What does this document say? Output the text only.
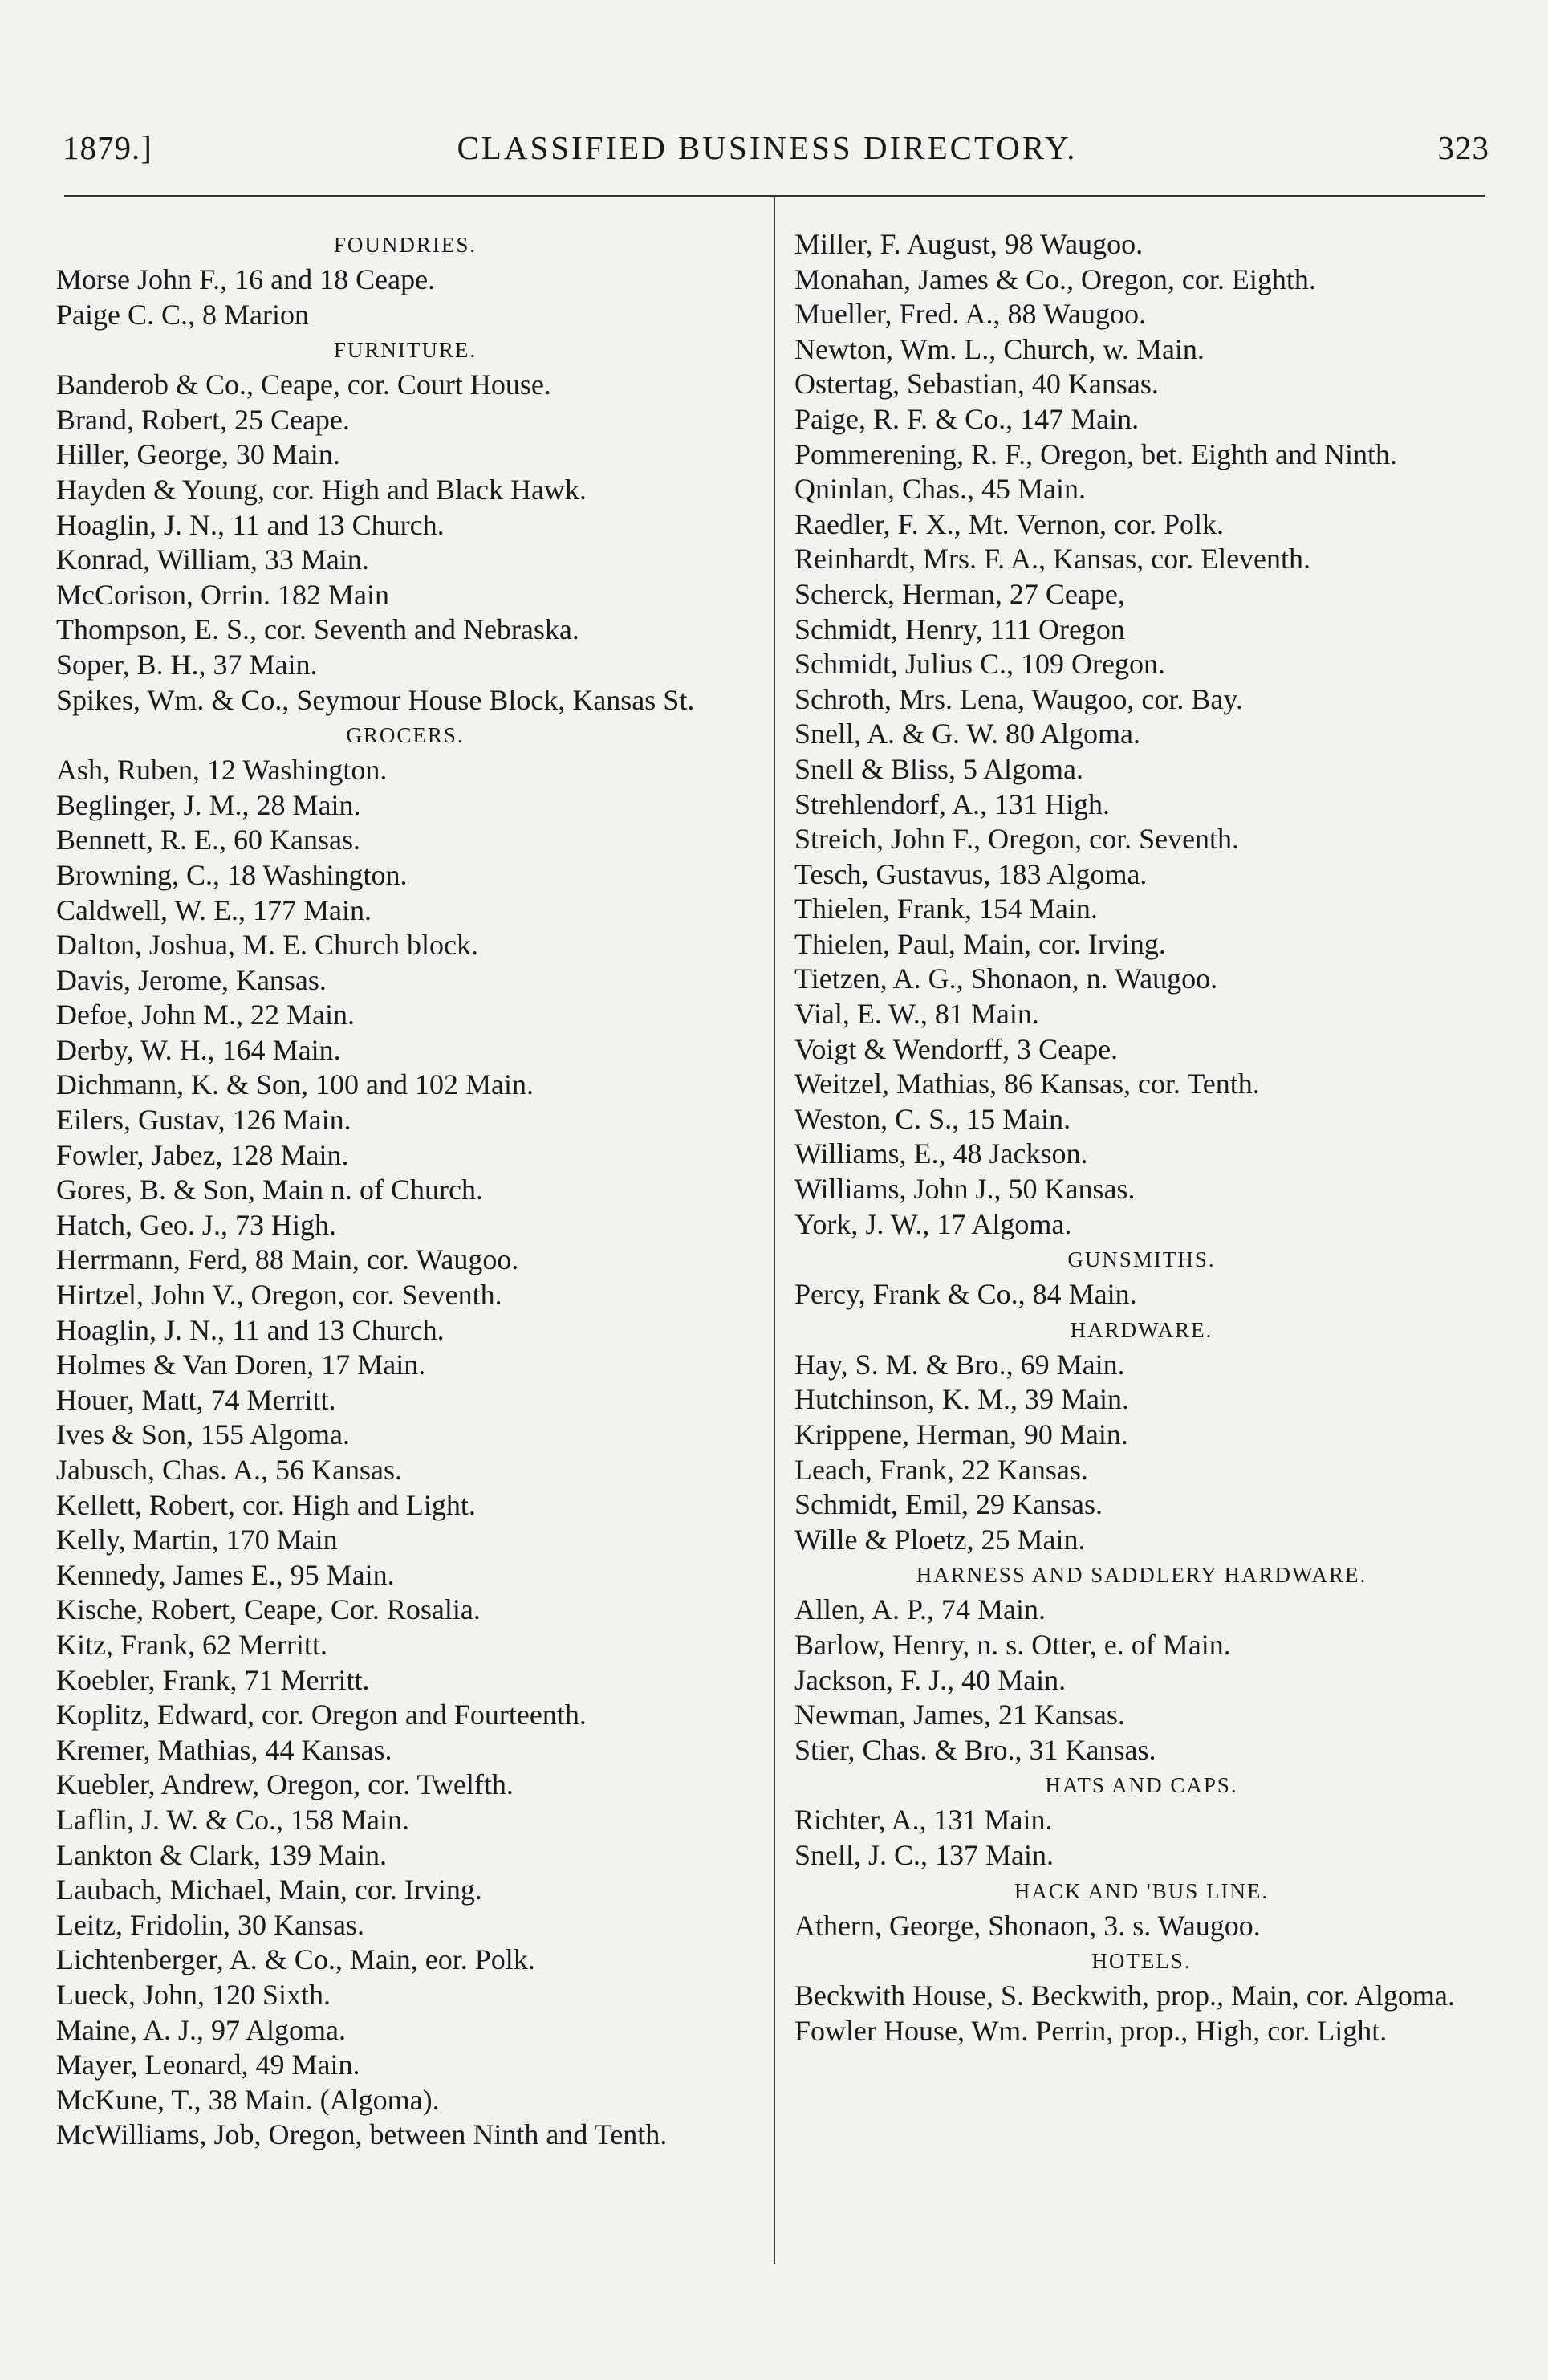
1879.]	CLASSIFIED BUSINESS DIRECTORY.	323
FOUNDRIES.
Morse John F., 16 and 18 Ceape.
Paige C. C., 8 Marion
FURNITURE.
Banderob & Co., Ceape, cor. Court House.
Brand, Robert, 25 Ceape.
Hiller, George, 30 Main.
Hayden & Young, cor. High and Black Hawk.
Hoaglin, J. N., 11 and 13 Church.
Konrad, William, 33 Main.
McCorison, Orrin. 182 Main
Thompson, E. S., cor. Seventh and Nebraska.
Soper, B. H., 37 Main.
Spikes, Wm. & Co., Seymour House Block, Kansas St.
GROCERS.
Ash, Ruben, 12 Washington.
Beglinger, J. M., 28 Main.
Bennett, R. E., 60 Kansas.
Browning, C., 18 Washington.
Caldwell, W. E., 177 Main.
Dalton, Joshua, M. E. Church block.
Davis, Jerome, Kansas.
Defoe, John M., 22 Main.
Derby, W. H., 164 Main.
Dichmann, K. & Son, 100 and 102 Main.
Eilers, Gustav, 126 Main.
Fowler, Jabez, 128 Main.
Gores, B. & Son, Main n. of Church.
Hatch, Geo. J., 73 High.
Herrmann, Ferd, 88 Main, cor. Waugoo.
Hirtzel, John V., Oregon, cor. Seventh.
Hoaglin, J. N., 11 and 13 Church.
Holmes & Van Doren, 17 Main.
Houer, Matt, 74 Merritt.
Ives & Son, 155 Algoma.
Jabusch, Chas. A., 56 Kansas.
Kellett, Robert, cor. High and Light.
Kelly, Martin, 170 Main
Kennedy, James E., 95 Main.
Kische, Robert, Ceape, Cor. Rosalia.
Kitz, Frank, 62 Merritt.
Koebler, Frank, 71 Merritt.
Koplitz, Edward, cor. Oregon and Fourteenth.
Kremer, Mathias, 44 Kansas.
Kuebler, Andrew, Oregon, cor. Twelfth.
Laflin, J. W. & Co., 158 Main.
Lankton & Clark, 139 Main.
Laubach, Michael, Main, cor. Irving.
Leitz, Fridolin, 30 Kansas.
Lichtenberger, A. & Co., Main, eor. Polk.
Lueck, John, 120 Sixth.
Maine, A. J., 97 Algoma.
Mayer, Leonard, 49 Main.
McKune, T., 38 Main. (Algoma).
McWilliams, Job, Oregon, between Ninth and Tenth.
Miller, F. August, 98 Waugoo.
Monahan, James & Co., Oregon, cor. Eighth.
Mueller, Fred. A., 88 Waugoo.
Newton, Wm. L., Church, w. Main.
Ostertag, Sebastian, 40 Kansas.
Paige, R. F. & Co., 147 Main.
Pommerening, R. F., Oregon, bet. Eighth and Ninth.
Qninlan, Chas., 45 Main.
Raedler, F. X., Mt. Vernon, cor. Polk.
Reinhardt, Mrs. F. A., Kansas, cor. Eleventh.
Scherck, Herman, 27 Ceape,
Schmidt, Henry, 111 Oregon
Schmidt, Julius C., 109 Oregon.
Schroth, Mrs. Lena, Waugoo, cor. Bay.
Snell, A. & G. W. 80 Algoma.
Snell & Bliss, 5 Algoma.
Strehlendorf, A., 131 High.
Streich, John F., Oregon, cor. Seventh.
Tesch, Gustavus, 183 Algoma.
Thielen, Frank, 154 Main.
Thielen, Paul, Main, cor. Irving.
Tietzen, A. G., Shonaon, n. Waugoo.
Vial, E. W., 81 Main.
Voigt & Wendorff, 3 Ceape.
Weitzel, Mathias, 86 Kansas, cor. Tenth.
Weston, C. S., 15 Main.
Williams, E., 48 Jackson.
Williams, John J., 50 Kansas.
York, J. W., 17 Algoma.
GUNSMITHS.
Percy, Frank & Co., 84 Main.
HARDWARE.
Hay, S. M. & Bro., 69 Main.
Hutchinson, K. M., 39 Main.
Krippene, Herman, 90 Main.
Leach, Frank, 22 Kansas.
Schmidt, Emil, 29 Kansas.
Wille & Ploetz, 25 Main.
HARNESS AND SADDLERY HARDWARE.
Allen, A. P., 74 Main.
Barlow, Henry, n. s. Otter, e. of Main.
Jackson, F. J., 40 Main.
Newman, James, 21 Kansas.
Stier, Chas. & Bro., 31 Kansas.
HATS AND CAPS.
Richter, A., 131 Main.
Snell, J. C., 137 Main.
HACK AND 'BUS LINE.
Athern, George, Shonaon, 3. s. Waugoo.
HOTELS.
Beckwith House, S. Beckwith, prop., Main, cor. Algoma.
Fowler House, Wm. Perrin, prop., High, cor. Light.
